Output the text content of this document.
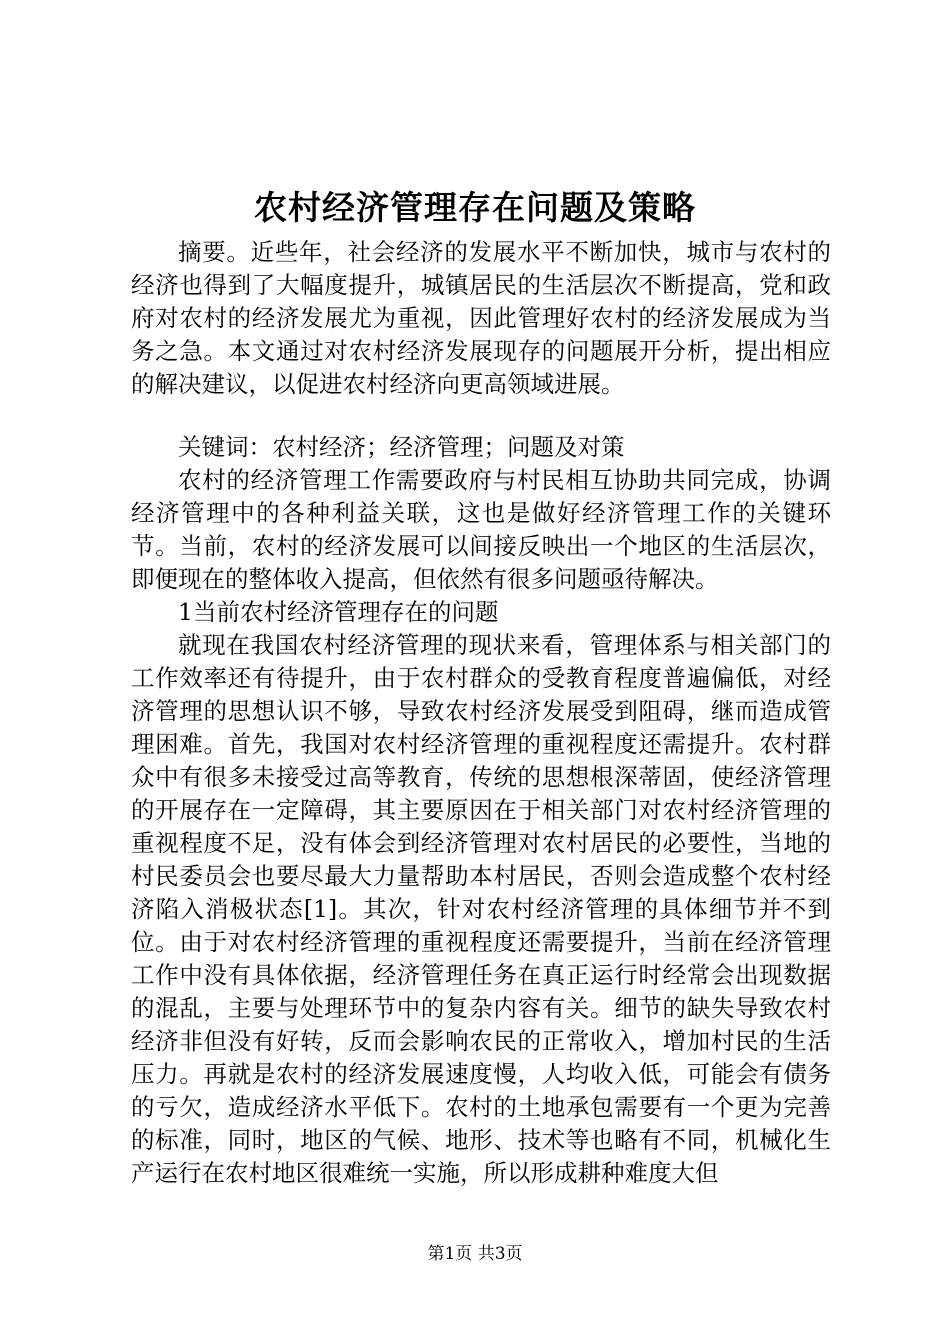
农村经济管理存在问题及策略

摘要。近些年，社会经济的发展水平不断加快，城市与农村的经济也得到了大幅度提升，城镇居民的生活层次不断提高，党和政府对农村的经济发展尤为重视，因此管理好农村的经济发展成为当务之急。本文通过对农村经济发展现存的问题展开分析，提出相应的解决建议，以促进农村经济向更高领域进展。

关键词：农村经济；经济管理；问题及对策

农村的经济管理工作需要政府与村民相互协助共同完成，协调经济管理中的各种利益关联，这也是做好经济管理工作的关键环节。当前，农村的经济发展可以间接反映出一个地区的生活层次，即便现在的整体收入提高，但依然有很多问题亟待解决。

1当前农村经济管理存在的问题

就现在我国农村经济管理的现状来看，管理体系与相关部门的工作效率还有待提升，由于农村群众的受教育程度普遍偏低，对经济管理的思想认识不够，导致农村经济发展受到阻碍，继而造成管理困难。首先，我国对农村经济管理的重视程度还需提升。农村群众中有很多未接受过高等教育，传统的思想根深蒂固，使经济管理的开展存在一定障碍，其主要原因在于相关部门对农村经济管理的重视程度不足，没有体会到经济管理对农村居民的必要性，当地的村民委员会也要尽最大力量帮助本村居民，否则会造成整个农村经济陷入消极状态[1]。其次，针对农村经济管理的具体细节并不到位。由于对农村经济管理的重视程度还需要提升，当前在经济管理工作中没有具体依据，经济管理任务在真正运行时经常会出现数据的混乱，主要与处理环节中的复杂内容有关。细节的缺失导致农村经济非但没有好转，反而会影响农民的正常收入，增加村民的生活压力。再就是农村的经济发展速度慢，人均收入低，可能会有债务的亏欠，造成经济水平低下。农村的土地承包需要有一个更为完善的标准，同时，地区的气候、地形、技术等也略有不同，机械化生产运行在农村地区很难统一实施，所以形成耕种难度大但

第1页 共3页
